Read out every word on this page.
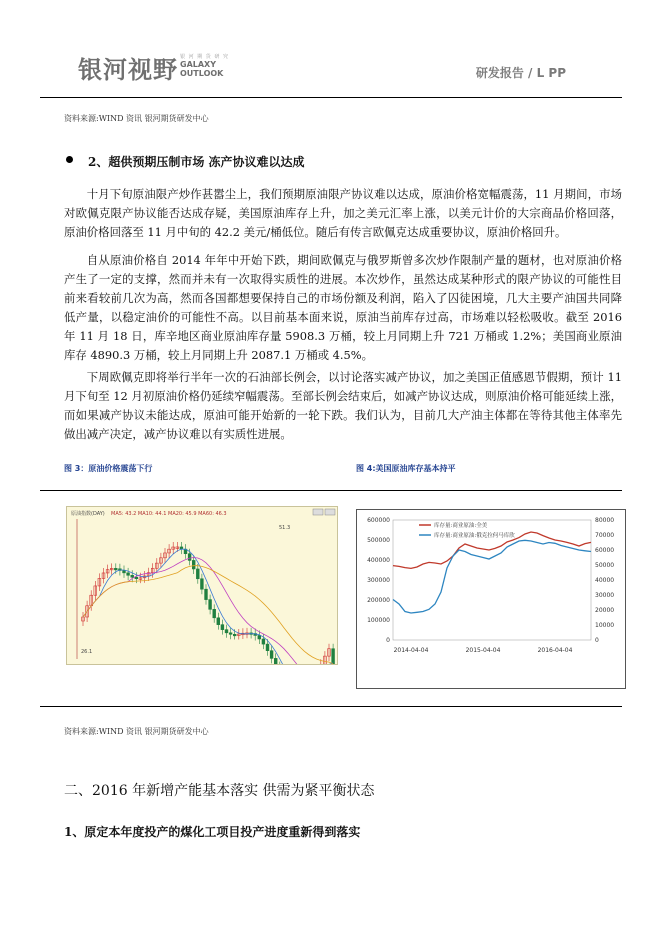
银河视野 银 河 期 货 研 究
GALAXY
OUTLOOK	研发报告 / L PP
资料来源:WIND 资讯 银河期货研发中心
2、超供预期压制市场 冻产协议难以达成

十月下旬原油限产炒作甚嚣尘上，我们预期原油限产协议难以达成，原油价格宽幅震荡，11 月期间，市场对欧佩克限产协议能否达成存疑，美国原油库存上升，加之美元汇率上涨，以美元计价的大宗商品价格回落，原油价格回落至 11 月中旬的 42.2 美元/桶低位。随后有传言欧佩克达成重要协议，原油价格回升。

自从原油价格自 2014 年年中开始下跌，期间欧佩克与俄罗斯曾多次炒作限制产量的题材，也对原油价格产生了一定的支撑，然而并未有一次取得实质性的进展。本次炒作，虽然达成某种形式的限产协议的可能性目前来看较前几次为高，然而各国都想要保持自己的市场份额及利润，陷入了囚徒困境，几大主要产油国共同降低产量，以稳定油价的可能性不高。以目前基本面来说，原油当前库存过高，市场难以轻松吸收。截至 2016 年 11 月 18 日，库辛地区商业原油库存量 5908.3 万桶，较上月同期上升 721 万桶或 1.2%；美国商业原油库存 4890.3 万桶，较上月同期上升 2087.1 万桶或 4.5%。

下周欧佩克即将举行半年一次的石油部长例会，以讨论落实减产协议，加之美国正值感恩节假期，预计 11 月下旬至 12 月初原油价格仍延续窄幅震荡。至部长例会结束后，如减产协议达成，则原油价格可能延续上涨，而如果减产协议未能达成，原油可能开始新的一轮下跌。我们认为，目前几大产油主体都在等待其他主体率先做出减产决定，减产协议难以有实质性进展。

图 3：原油价格震荡下行	图 4:美国原油库存基本持平
原油指数(DAY) MA5: 43.2 MA10: 44.1 MA20: 45.9 MA60: 46.3
51.3
26.1
0
100000
200000
300000
400000
500000
600000
0
10000
20000
30000
40000
50000
60000
70000
80000
2014-04-04	2015-04-04	2016-04-04
库存量:商业原油:全美
库存量:商业原油:俄克拉何马库欣
资料来源:WIND 资讯 银河期货研发中心
二、2016 年新增产能基本落实 供需为紧平衡状态
1、原定本年度投产的煤化工项目投产进度重新得到落实
